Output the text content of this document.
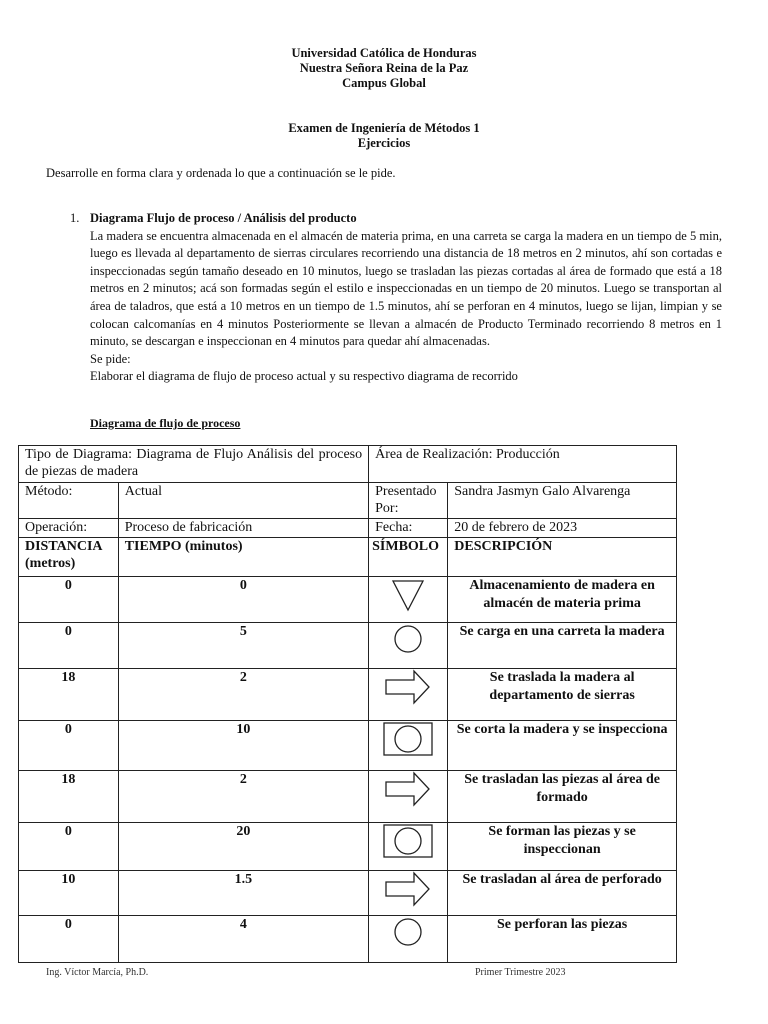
Universidad Católica de Honduras
Nuestra Señora Reina de la Paz
Campus Global
Examen de Ingeniería de Métodos 1
Ejercicios
Desarrolle en forma clara y ordenada lo que a continuación se le pide.
1. Diagrama Flujo de proceso / Análisis del producto

La madera se encuentra almacenada en el almacén de materia prima, en una carreta se carga la madera en un tiempo de 5 min, luego es llevada al departamento de sierras circulares recorriendo una distancia de 18 metros en 2 minutos, ahí son cortadas e inspeccionadas según tamaño deseado en 10 minutos, luego se trasladan las piezas cortadas al área de formado que está a 18 metros en 2 minutos; acá son formadas según el estilo e inspeccionadas en un tiempo de 20 minutos. Luego se transportan al área de taladros, que está a 10 metros en un tiempo de 1.5 minutos, ahí se perforan en 4 minutos, luego se lijan, limpian y se colocan calcomanías en 4 minutos Posteriormente se llevan a almacén de Producto Terminado recorriendo 8 metros en 1 minuto, se descargan e inspeccionan en 4 minutos para quedar ahí almacenadas.

Se pide:

Elaborar el diagrama de flujo de proceso actual y su respectivo diagrama de recorrido

Diagrama de flujo de proceso
Tipo de Diagrama: Diagrama de Flujo Análisis del proceso de piezas de madera		Área de Realización: Producción	
Método:	Actual	Presentado Por:	Sandra Jasmyn Galo Alvarenga
Operación:	Proceso de fabricación	Fecha:	20 de febrero de 2023
DISTANCIA (metros)	TIEMPO (minutos)	SÍMBOLO	DESCRIPCIÓN
0	0		Almacenamiento de madera en almacén de materia prima
0	5		Se carga en una carreta la madera
18	2		Se traslada la madera al departamento de sierras
0	10		Se corta la madera y se inspecciona
18	2		Se trasladan las piezas al área de formado
0	20		Se forman las piezas y se inspeccionan
10	1.5		Se trasladan al área de perforado
0	4		Se perforan las piezas
Ing. Víctor Marcía, Ph.D.	Primer Trimestre 2023
